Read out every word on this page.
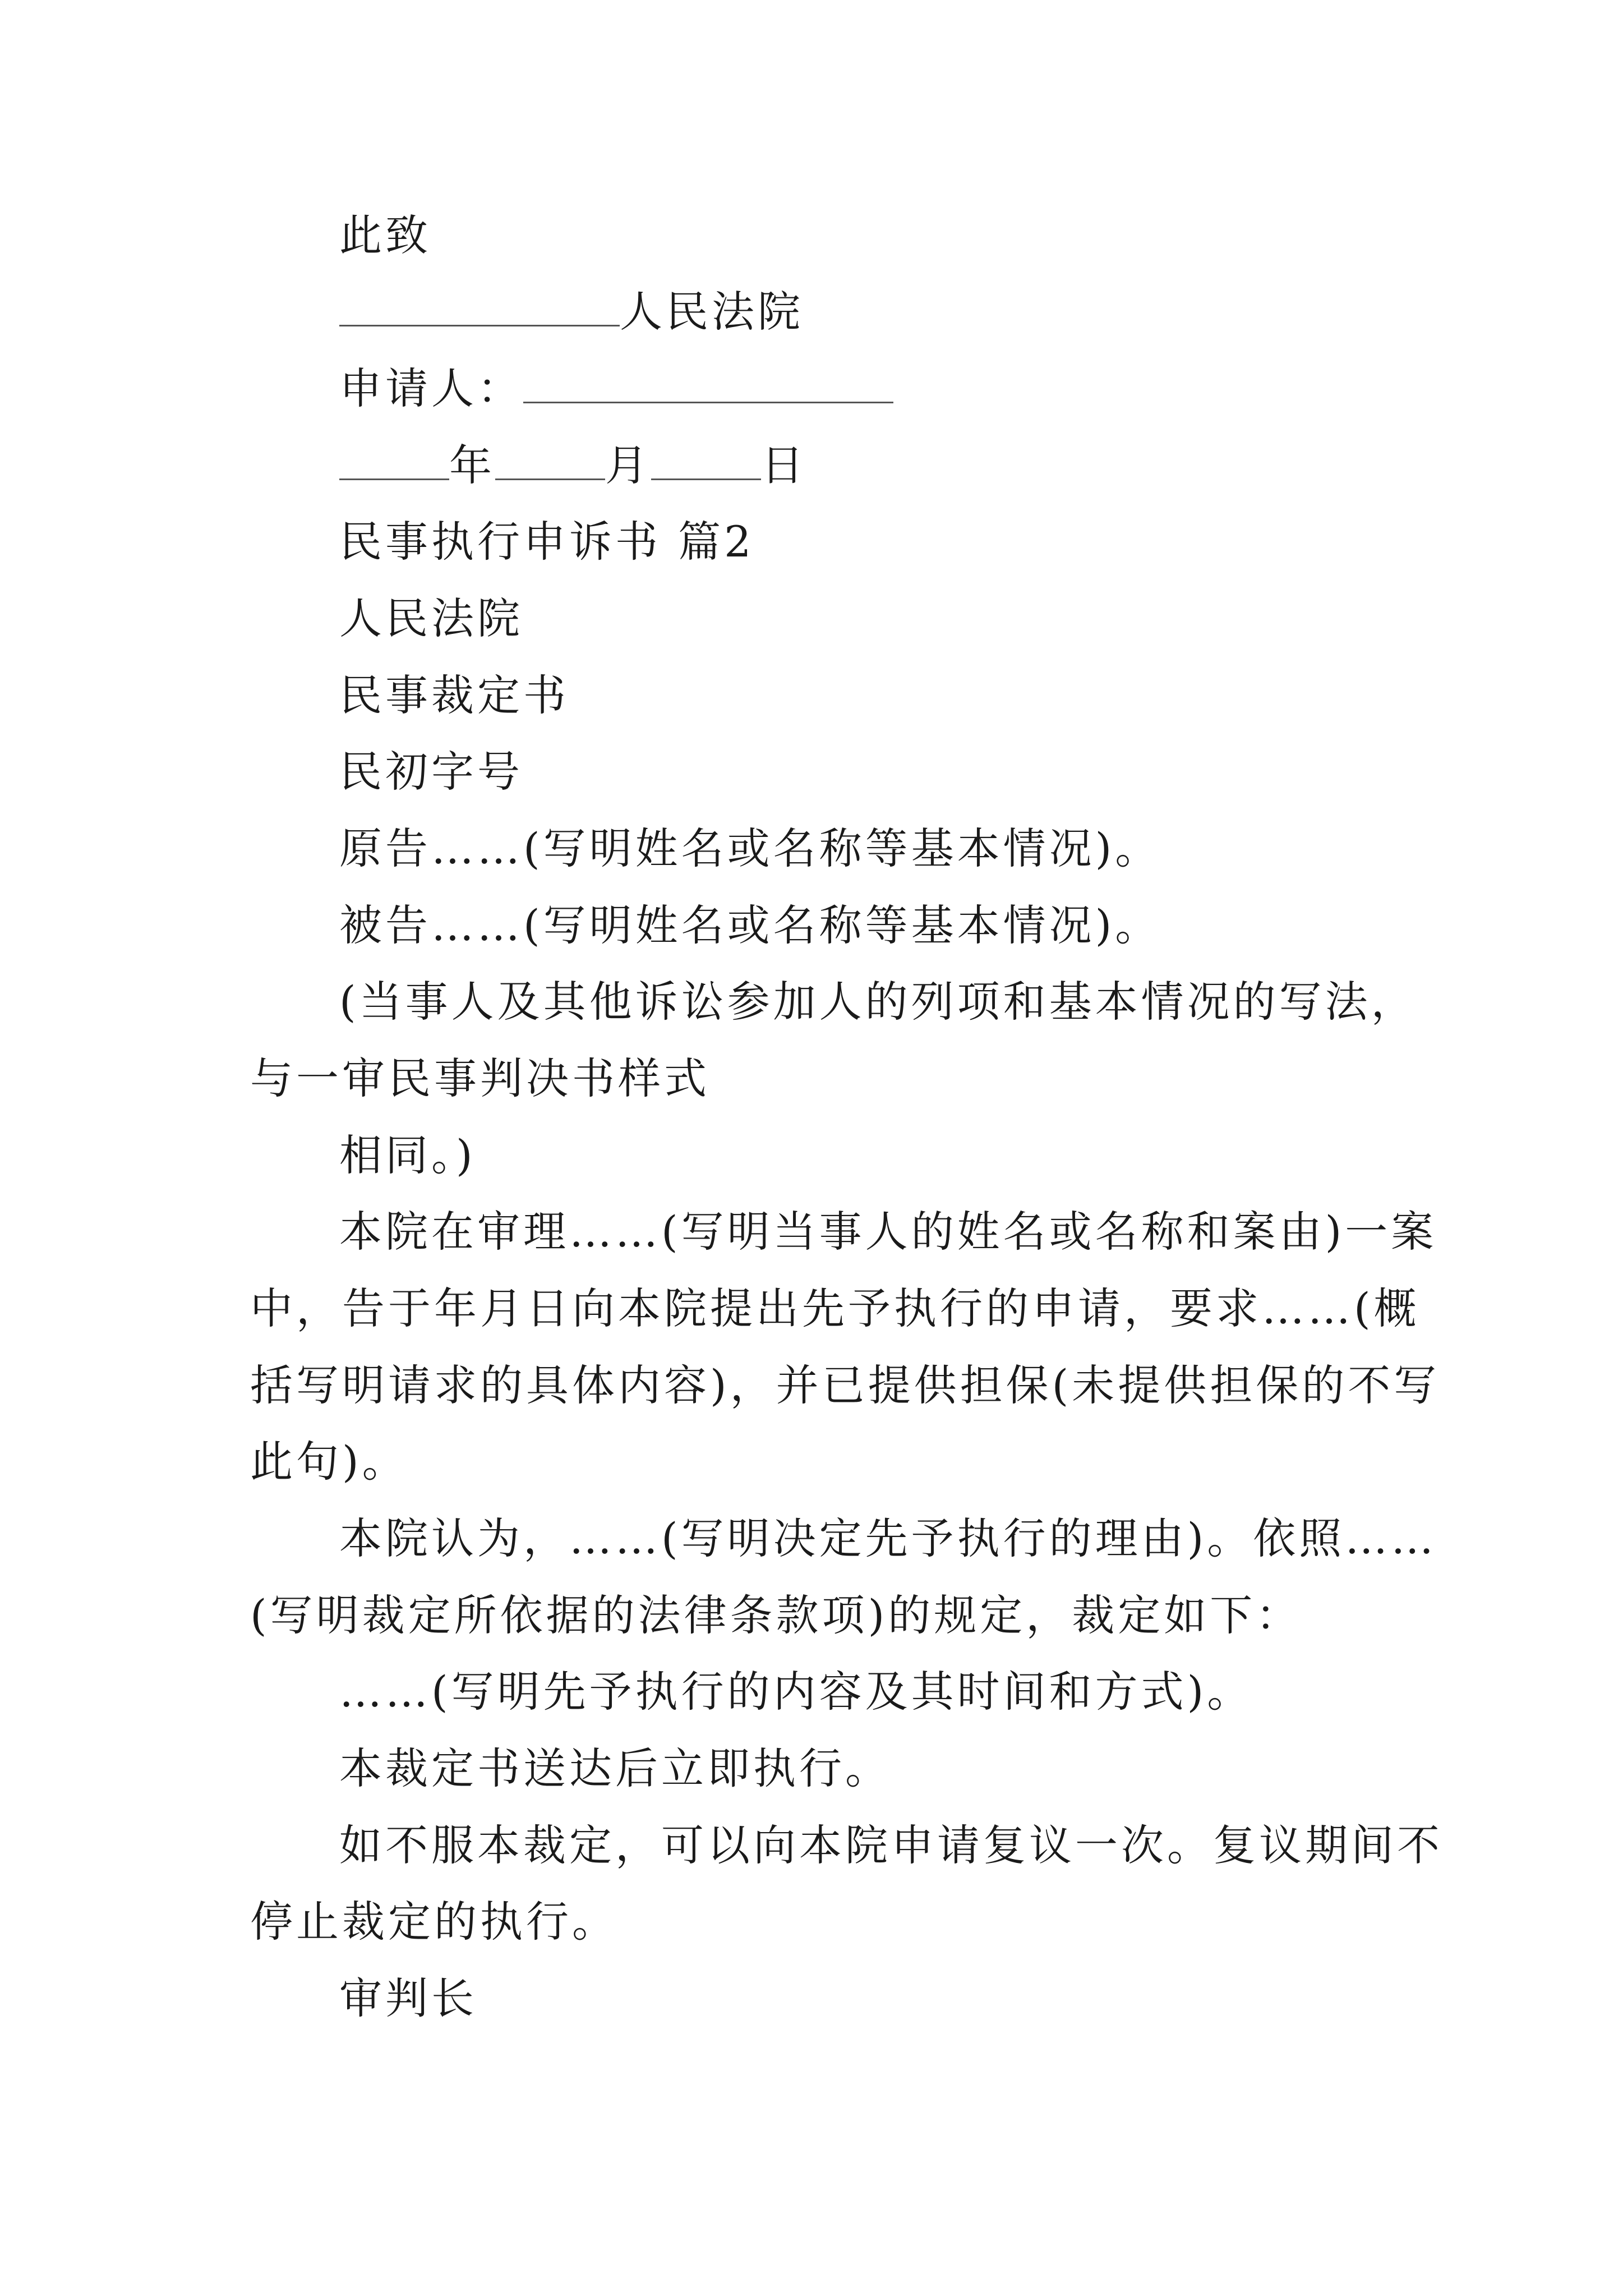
此致
人民法院
申请人：
年	月	日
民事执行申诉书 篇2
人民法院
民事裁定书
民初字号
原告……(写明姓名或名称等基本情况)。
被告……(写明姓名或名称等基本情况)。
(当事人及其他诉讼参加人的列项和基本情况的写法，
与一审民事判决书样式
相同。)
本院在审理……(写明当事人的姓名或名称和案由)一案
中，告于年月日向本院提出先予执行的申请，要求……(概
括写明请求的具体内容)，并已提供担保(未提供担保的不写
此句)。
本院认为，……(写明决定先予执行的理由)。依照……
(写明裁定所依据的法律条款项)的规定，裁定如下：
……(写明先予执行的内容及其时间和方式)。
本裁定书送达后立即执行。
如不服本裁定，可以向本院申请复议一次。复议期间不
停止裁定的执行。
审判长
